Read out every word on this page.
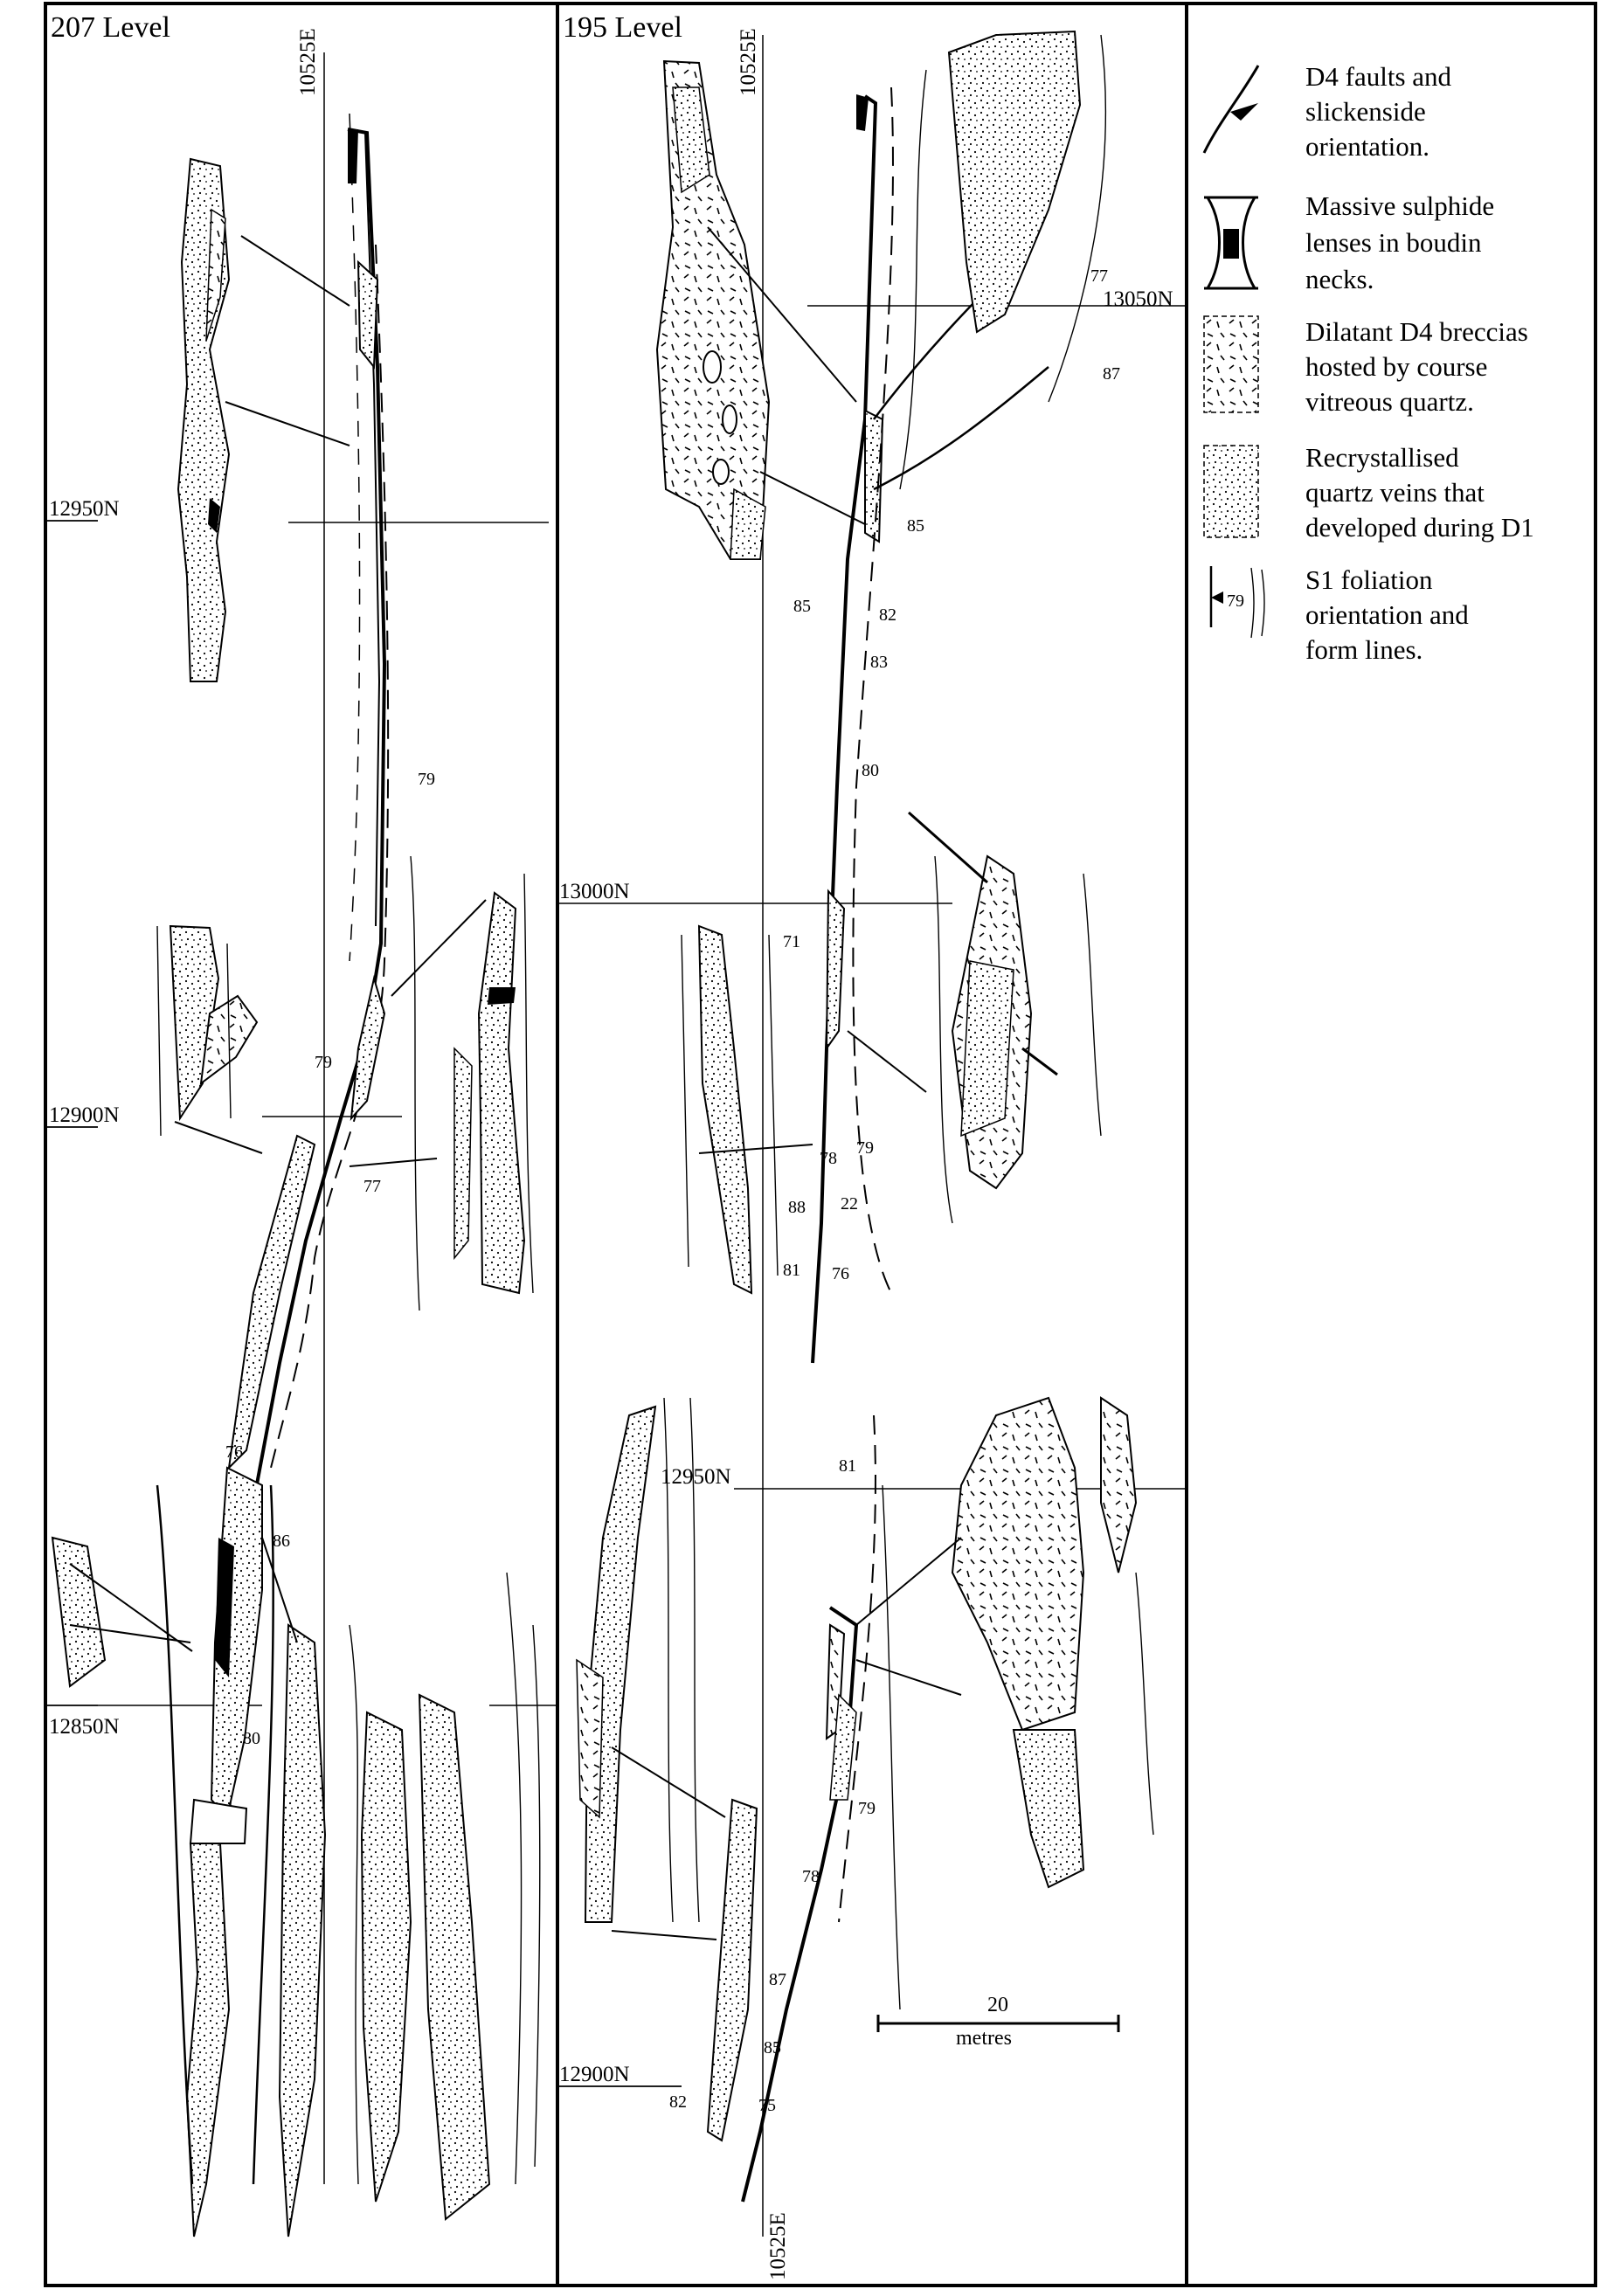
207 Level
10525E
12950N
12900N
12850N
79
79
77
76
86
80
195 Level
10525E
10525E
13050N
13000N
12950N
12900N
77
87
85
85	82
83
80
71
78
79
88 22
81 76
81
79
78
87
85
82	75
20
metres
D4 faults and
slickenside
orientation.
Massive sulphide
lenses in boudin
necks.
Dilatant D4 breccias
hosted by course
vitreous quartz.
Recrystallised
quartz veins that
developed during D1
S1 foliation
orientation and
form lines.
79
